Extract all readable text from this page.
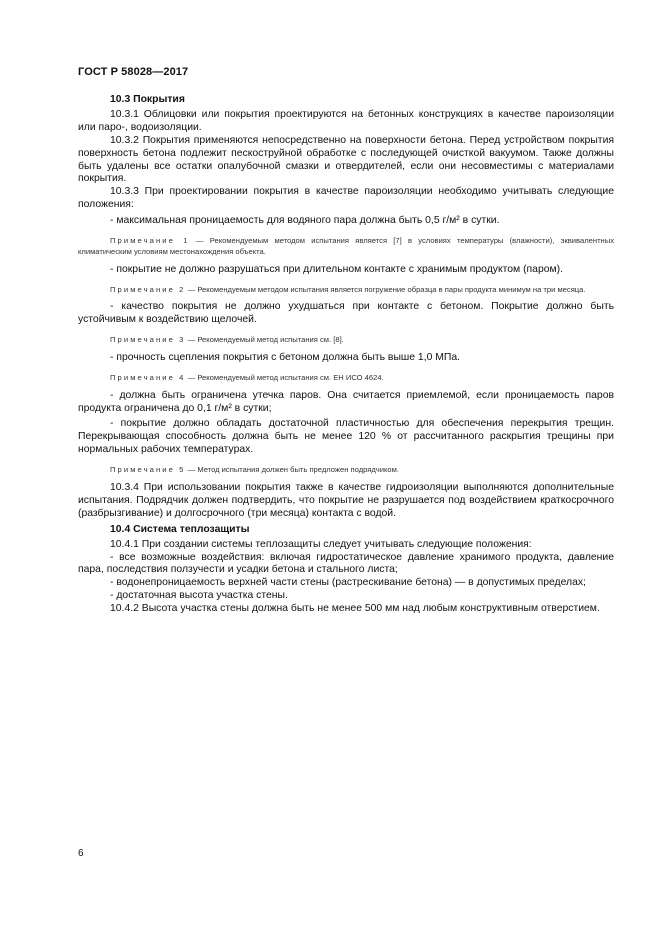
ГОСТ Р 58028—2017

10.3 Покрытия

10.3.1 Облицовки или покрытия проектируются на бетонных конструкциях в качестве пароизоляции или паро-, водоизоляции.

10.3.2 Покрытия применяются непосредственно на поверхности бетона. Перед устройством покрытия поверхность бетона подлежит пескоструйной обработке с последующей очисткой вакуумом. Также должны быть удалены все остатки опалубочной смазки и отвердителей, если они несовместимы с материалами покрытия.

10.3.3 При проектировании покрытия в качестве пароизоляции необходимо учитывать следующие положения:

- максимальная проницаемость для водяного пара должна быть 0,5 г/м² в сутки.

Примечание 1 — Рекомендуемым методом испытания является [7] в условиях температуры (влажности), эквивалентных климатическим условиям местонахождения объекта.

- покрытие не должно разрушаться при длительном контакте с хранимым продуктом (паром).

Примечание 2 — Рекомендуемым методом испытания является погружение образца в пары продукта минимум на три месяца.

- качество покрытия не должно ухудшаться при контакте с бетоном. Покрытие должно быть устойчивым к воздействию щелочей.

Примечание 3 — Рекомендуемый метод испытания см. [8].

- прочность сцепления покрытия с бетоном должна быть выше 1,0 МПа.

Примечание 4 — Рекомендуемый метод испытания см. ЕН ИСО 4624.

- должна быть ограничена утечка паров. Она считается приемлемой, если проницаемость паров продукта ограничена до 0,1 г/м² в сутки;

- покрытие должно обладать достаточной пластичностью для обеспечения перекрытия трещин. Перекрывающая способность должна быть не менее 120 % от рассчитанного раскрытия трещины при нормальных рабочих температурах.

Примечание 5 — Метод испытания должен быть предложен подрядчиком.

10.3.4 При использовании покрытия также в качестве гидроизоляции выполняются дополнительные испытания. Подрядчик должен подтвердить, что покрытие не разрушается под воздействием краткосрочного (разбрызгивание) и долгосрочного (три месяца) контакта с водой.

10.4 Система теплозащиты

10.4.1 При создании системы теплозащиты следует учитывать следующие положения:

- все возможные воздействия: включая гидростатическое давление хранимого продукта, давление пара, последствия ползучести и усадки бетона и стального листа;

- водонепроницаемость верхней части стены (растрескивание бетона) — в допустимых пределах;

- достаточная высота участка стены.

10.4.2 Высота участка стены должна быть не менее 500 мм над любым конструктивным отверстием.

6
